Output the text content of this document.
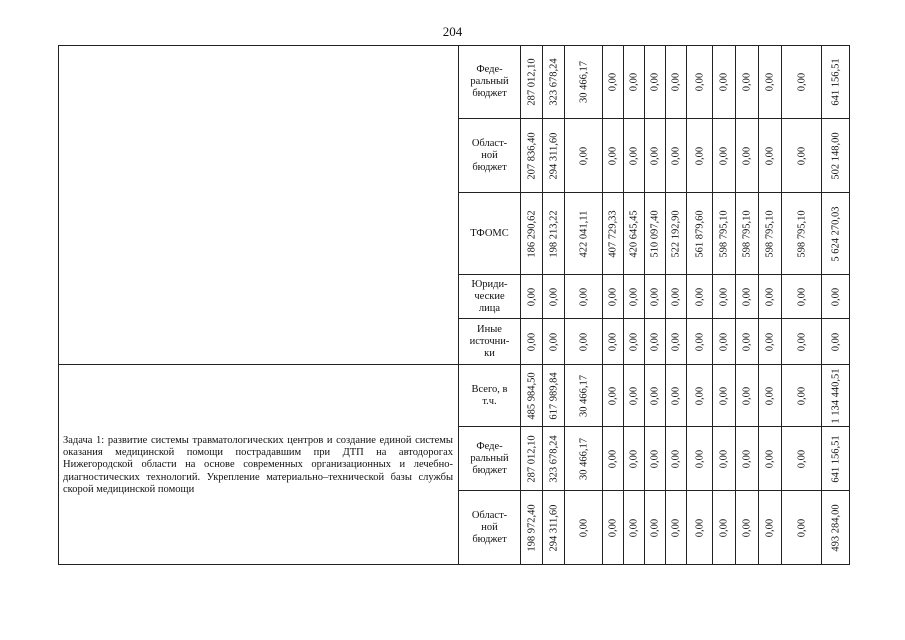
204
	Феде-
ральный
бюджет	287 012,10	323 678,24	30 466,17	0,00	0,00	0,00	0,00	0,00	0,00	0,00	0,00	0,00	641 156,51

	Област-
ной
бюджет	207 836,40	294 311,60	0,00	0,00	0,00	0,00	0,00	0,00	0,00	0,00	0,00	0,00	502 148,00

	ТФОМС	186 290,62	198 213,22	422 041,11	407 729,33	420 645,45	510 097,40	522 192,90	561 879,60	598 795,10	598 795,10	598 795,10	598 795,10	5 624 270,03

	Юриди-
ческие
лица	0,00	0,00	0,00	0,00	0,00	0,00	0,00	0,00	0,00	0,00	0,00	0,00	0,00

	Иные
источни-
ки	0,00	0,00	0,00	0,00	0,00	0,00	0,00	0,00	0,00	0,00	0,00	0,00	0,00

Задача 1: развитие системы травматологических центров и создание единой системы оказания медицинской помощи пострадавшим при ДТП на автодорогах Нижегородской области на основе современных организационных и лечебно-диагностических технологий. Укрепление материально–технической базы службы скорой медицинской помощи	Всего, в
т.ч.	485 984,50	617 989,84	30 466,17	0,00	0,00	0,00	0,00	0,00	0,00	0,00	0,00	0,00	1 134 440,51

	Феде-
ральный
бюджет	287 012,10	323 678,24	30 466,17	0,00	0,00	0,00	0,00	0,00	0,00	0,00	0,00	0,00	641 156,51

	Област-
ной
бюджет	198 972,40	294 311,60	0,00	0,00	0,00	0,00	0,00	0,00	0,00	0,00	0,00	0,00	493 284,00
